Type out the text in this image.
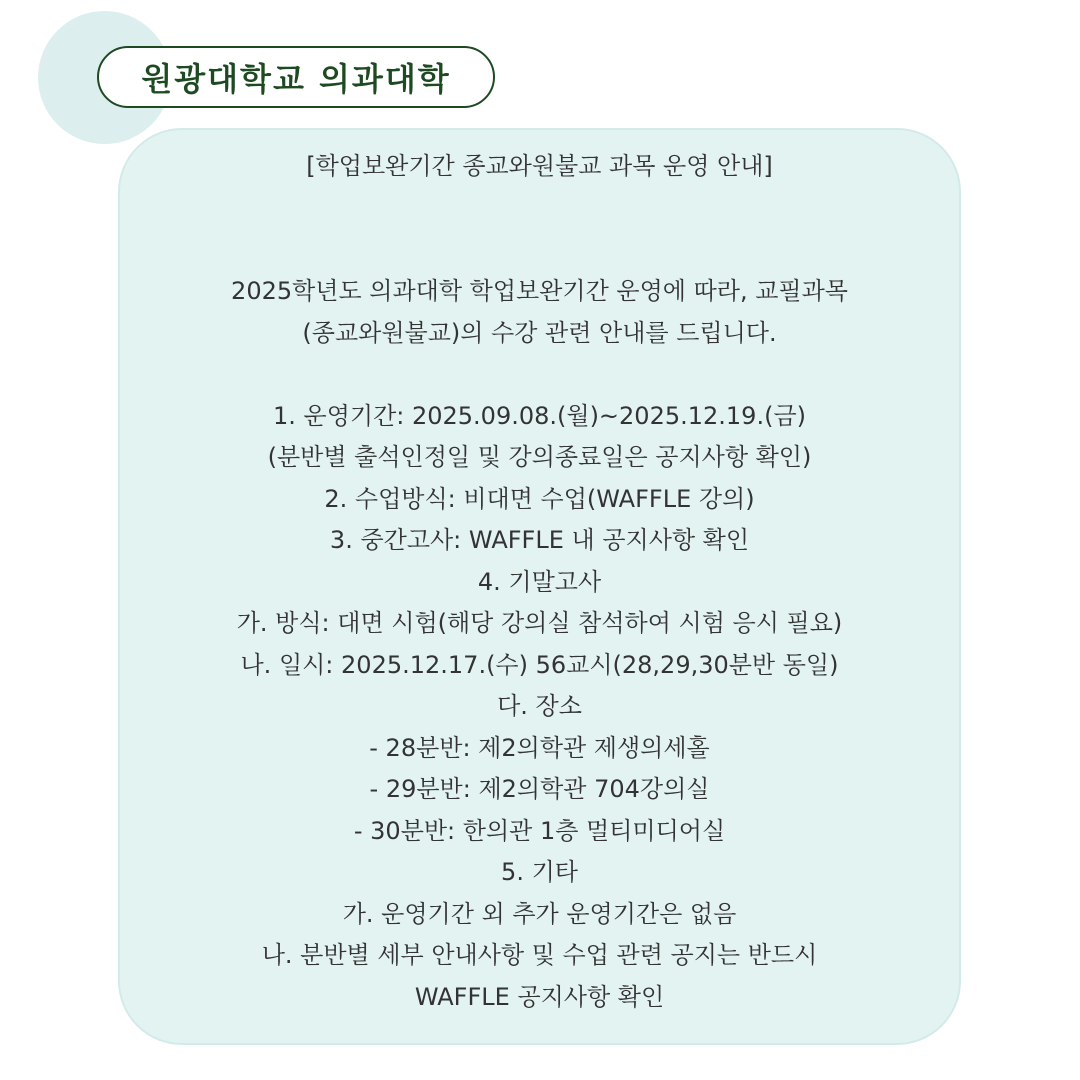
원광대학교 의과대학
[학업보완기간 종교와원불교 과목 운영 안내]
2025학년도 의과대학 학업보완기간 운영에 따라, 교필과목
(종교와원불교)의 수강 관련 안내를 드립니다.
1. 운영기간: 2025.09.08.(월)~2025.12.19.(금)
(분반별 출석인정일 및 강의종료일은 공지사항 확인)
2. 수업방식: 비대면 수업(WAFFLE 강의)
3. 중간고사: WAFFLE 내 공지사항 확인
4. 기말고사
가. 방식: 대면 시험(해당 강의실 참석하여 시험 응시 필요)
나. 일시: 2025.12.17.(수) 56교시(28,29,30분반 동일)
다. 장소
- 28분반: 제2의학관 제생의세홀
- 29분반: 제2의학관 704강의실
- 30분반: 한의관 1층 멀티미디어실
5. 기타
가. 운영기간 외 추가 운영기간은 없음
나. 분반별 세부 안내사항 및 수업 관련 공지는 반드시
WAFFLE 공지사항 확인
